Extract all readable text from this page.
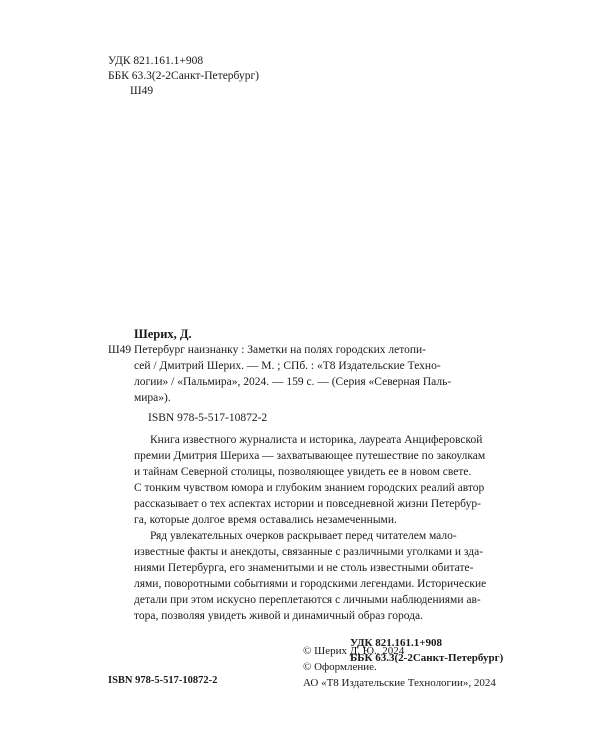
УДК 821.161.1+908
ББК 63.3(2-2Санкт-Петербург)
Ш49
Шерих, Д.
Ш49 Петербург наизнанку : Заметки на полях городских летопи-
сей / Дмитрий Шерих. — М. ; СПб. : «Т8 Издательские Техно-
логии» / «Пальмира», 2024. — 159 с. — (Серия «Северная Паль-
мира»).
ISBN 978-5-517-10872-2
Книга известного журналиста и историка, лауреата Анциферовской
премии Дмитрия Шериха — захватывающее путешествие по закоулкам
и тайнам Северной столицы, позволяющее увидеть ее в новом свете.
С тонким чувством юмора и глубоким знанием городских реалий автор
рассказывает о тех аспектах истории и повседневной жизни Петербур-
га, которые долгое время оставались незамеченными.
Ряд увлекательных очерков раскрывает перед читателем мало-
известные факты и анекдоты, связанные с различными уголками и зда-
ниями Петербурга, его знаменитыми и не столь известными обитате-
лями, поворотными событиями и городскими легендами. Исторические
детали при этом искусно переплетаются с личными наблюдениями ав-
тора, позволяя увидеть живой и динамичный образ города.
УДК 821.161.1+908
ББК 63.3(2-2Санкт-Петербург)
© Шерих Д. Ю., 2024
© Оформление.
АО «Т8 Издательские Технологии», 2024
ISBN 978-5-517-10872-2
